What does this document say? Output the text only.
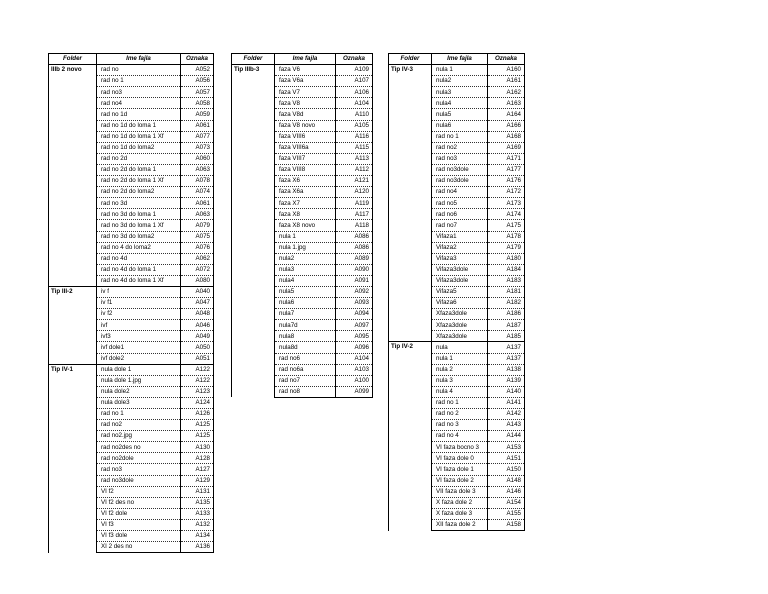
Folder	Ime fajla	Oznaka
IIIb 2 novo	rad no	A052
	rad no 1	A056
	rad no3	A057
	rad no4	A058
	rad no 1d	A059
	rad no 1d do loma 1	A061
	rad no 1d do loma 1 Xf	A077
	rad no 1d do loma2	A073
	rad no 2d	A060
	rad no 2d do loma 1	A063
	rad no 2d do loma 1 Xf	A078
	rad no 2d do loma2	A074
	rad no 3d	A061
	rad no 3d do loma 1	A063
	rad no 3d do loma 1 Xf	A079
	rad no 3d do loma2	A075
	rad no 4 do loma2	A076
	rad no 4d	A062
	rad no 4d do loma 1	A072
	rad no 4d do loma 1 Xf	A080
Tip III-2	iv f	A040
	iv f1	A047
	iv f2	A048
	ivf	A046
	ivf3	A049
	ivf dole1	A050
	ivf dole2	A051
Tip IV-1	nula dole 1	A122
	nula dole 1.jpg	A122
	nula dole2	A123
	nula dole3	A124
	rad no 1	A126
	rad no2	A125
	rad no2.jpg	A125
	rad no2des no	A130
	rad no2dole	A128
	rad no3	A127
	rad no3dole	A129
	VI f2	A131
	VI f2 des no	A135
	VI f2 dole	A133
	VI f3	A132
	VI f3 dole	A134
	XI 2 des no	A136
Folder	Ime fajla	Oznaka
Tip IIIb-3	faza V6	A109
	faza V6a	A107
	faza V7	A106
	faza V8	A104
	faza V8d	A110
	faza V8 novo	A105
	faza VIII6	A116
	faza VIII6a	A115
	faza VIII7	A113
	faza VIII8	A112
	faza X6	A121
	faza X6a	A120
	faza X7	A119
	faza X8	A117
	faza X8 novo	A118
	nula 1	A086
	nula 1.jpg	A086
	nula2	A089
	nula3	A090
	nula4	A091
	nula5	A092
	nula6	A093
	nula7	A094
	nula7d	A097
	nula8	A095
	nula8d	A096
	rad no6	A104
	rad no6a	A103
	rad no7	A100
	rad no8	A099
Folder	Ime fajla	Oznaka
Tip IV-3	nula 1	A160
	nula2	A161
	nula3	A162
	nula4	A163
	nula5	A164
	nula6	A166
	rad no 1	A168
	rad no2	A169
	rad no3	A171
	rad no3dole	A177
	rad no3dole	A176
	rad no4	A172
	rad no5	A173
	rad no6	A174
	rad no7	A175
	Vifaza1	A178
	Vifaza2	A179
	Vifaza3	A180
	Vifaza3dole	A184
	Vifaza3dole	A183
	Vifaza5	A181
	Vifaza6	A182
	Xfaza3dole	A186
	Xfaza3dole	A187
	Xfaza3dole	A185
Tip IV-2	nula	A137
	nula 1	A137
	nula 2	A138
	nula 3	A139
	nula 4	A140
	rad no 1	A141
	rad no 2	A142
	rad no 3	A143
	rad no 4	A144
	VI faza bocno 3	A153
	VI faza dole 0	A151
	VI faza dole 1	A150
	VI faza dole 2	A148
	VII faza dole 3	A146
	X faza dole 2	A154
	X faza dole 3	A155
	XII faza dole 2	A158
